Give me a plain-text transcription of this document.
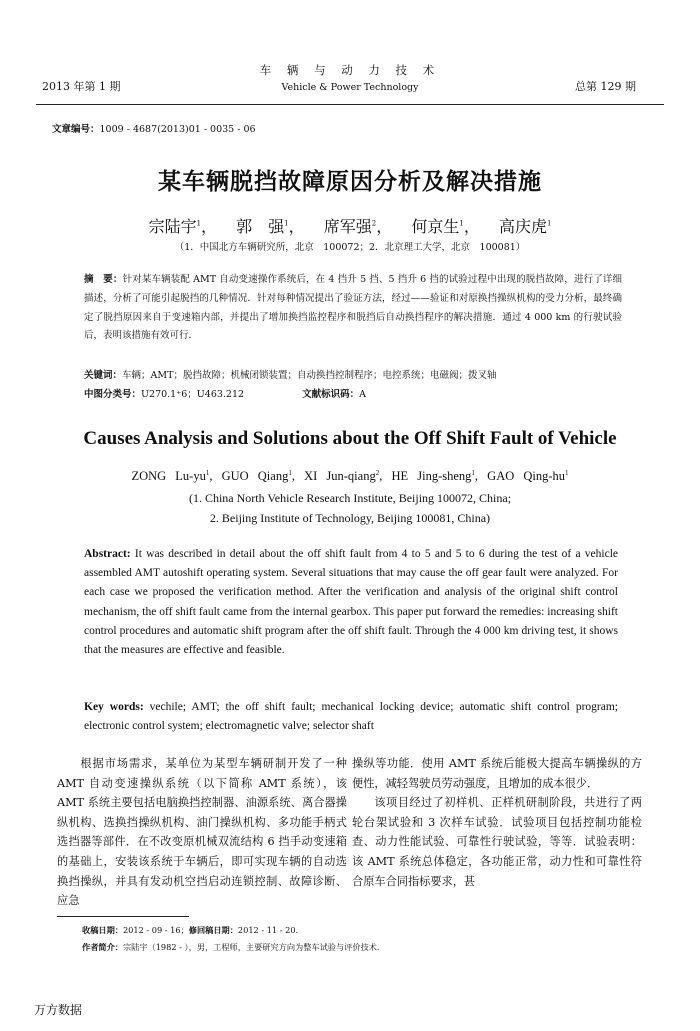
2013 年第 1 期
车 辆 与 动 力 技 术
Vehicle & Power Technology	总第 129 期
文章编号：1009 - 4687(2013)01 - 0035 - 06
某车辆脱挡故障原因分析及解决措施
宗陆宇$^1$， 郭　强$^1$， 席军强$^2$， 何京生$^1$， 高庆虎$^1$
（1．中国北方车辆研究所，北京　100072；2．北京理工大学，北京　100081）
摘　要：针对某车辆装配 AMT 自动变速操作系统后，在 4 挡升 5 挡、5 挡升 6 挡的试验过程中出现的脱挡故障，进行了详细描述，分析了可能引起脱挡的几种情况．针对每种情况提出了验证方法，经过——验证和对原换挡操纵机构的受力分析，最终确定了脱挡原因来自于变速箱内部，并提出了增加换挡监控程序和脱挡后自动换挡程序的解决措施．通过 4 000 km 的行驶试验后，表明该措施有效可行．
关键词：车辆；AMT；脱挡故障；机械闭锁装置；自动换挡控制程序；电控系统；电磁阀；拨叉轴
中图分类号：U270.1⁺6；U463.212	文献标识码：A
Causes Analysis and Solutions about the Off Shift Fault of Vehicle
ZONG $Lu-yu^1$, GUO Qiang$^1$, XI Jun-qiang$^2$, HE Jing-sheng$^1$, GAO Qing-$hu^1$
(1. China North Vehicle Research Institute, Beijing 100072, China;
2. Beijing Institute of Technology, Beijing 100081, China)
Abstract: It was described in detail about the off shift fault from 4 to 5 and 5 to 6 during the test of a vehicle assembled AMT autoshift operating system. Several situations that may cause the off gear fault were analyzed. For each case we proposed the verification method. After the verification and analysis of the original shift control mechanism, the off shift fault came from the internal gearbox. This paper put forward the remedies: increasing shift control procedures and automatic shift program after the off shift fault. Through the 4 000 km driving test, it shows that the measures are effective and feasible.
Key words: vechile; AMT; the off shift fault; mechanical locking device; automatic shift control program; electronic control system; electromagnetic valve; selector shaft
根据市场需求，某单位为某型车辆研制开发了一种 AMT 自动变速操纵系统（以下简称 AMT 系统），该 AMT 系统主要包括电脑换挡控制器、油源系统、离合器操纵机构、选换挡操纵机构、油门操纵机构、多功能手柄式选挡器等部件．在不改变原机械双流结构 6 挡手动变速箱的基础上，安装该系统于车辆后，即可实现车辆的自动选换挡操纵，并具有发动机空挡启动连锁控制、故障诊断、应急

操纵等功能．使用 AMT 系统后能极大提高车辆操纵的方便性，减轻驾驶员劳动强度，且增加的成本很少．

该项目经过了初样机、正样机研制阶段，共进行了两轮台架试验和 3 次样车试验．试验项目包括控制功能检查、动力性能试验、可靠性行驶试验，等等．试验表明：该 AMT 系统总体稳定，各功能正常，动力性和可靠性符合原车合同指标要求，甚

收稿日期：2012 - 09 - 16；修回稿日期：2012 - 11 - 20.
作者简介：宗陆宇（1982 - ），男，工程师，主要研究方向为整车试验与评价技术．
万方数据
